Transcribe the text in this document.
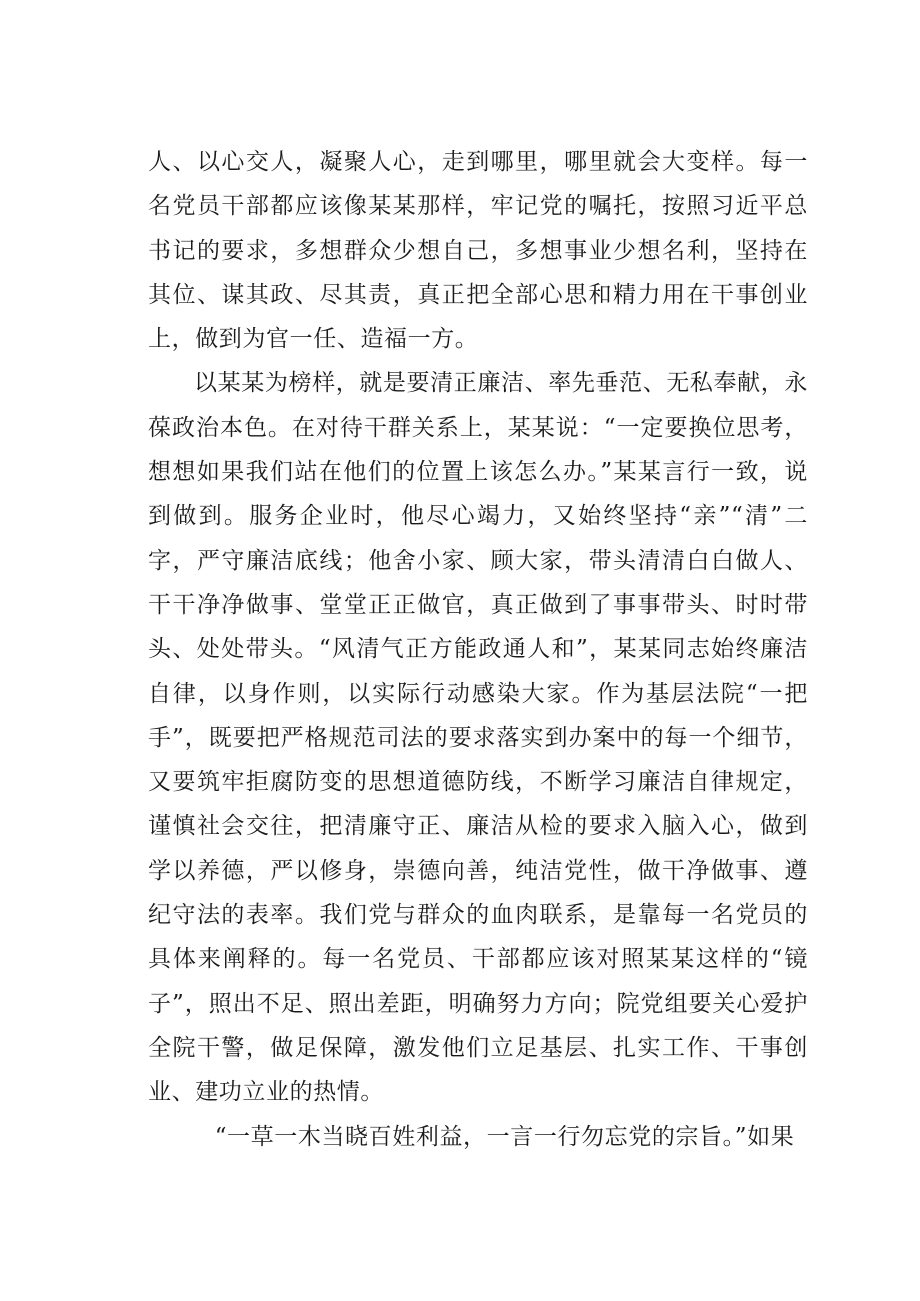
人、以心交人，凝聚人心，走到哪里，哪里就会大变样。每一名党员干部都应该像某某那样，牢记党的嘱托，按照习近平总书记的要求，多想群众少想自己，多想事业少想名利，坚持在其位、谋其政、尽其责，真正把全部心思和精力用在干事创业上，做到为官一任、造福一方。

以某某为榜样，就是要清正廉洁、率先垂范、无私奉献，永葆政治本色。在对待干群关系上，某某说：“一定要换位思考，想想如果我们站在他们的位置上该怎么办。”某某言行一致，说到做到。服务企业时，他尽心竭力，又始终坚持“亲”“清”二字，严守廉洁底线；他舍小家、顾大家，带头清清白白做人、干干净净做事、堂堂正正做官，真正做到了事事带头、时时带头、处处带头。“风清气正方能政通人和”，某某同志始终廉洁自律，以身作则，以实际行动感染大家。作为基层法院“一把手”，既要把严格规范司法的要求落实到办案中的每一个细节，又要筑牢拒腐防变的思想道德防线，不断学习廉洁自律规定，谨慎社会交往，把清廉守正、廉洁从检的要求入脑入心，做到学以养德，严以修身，崇德向善，纯洁党性，做干净做事、遵纪守法的表率。我们党与群众的血肉联系，是靠每一名党员的具体来阐释的。每一名党员、干部都应该对照某某这样的“镜子”，照出不足、照出差距，明确努力方向；院党组要关心爱护全院干警，做足保障，激发他们立足基层、扎实工作、干事创业、建功立业的热情。

“一草一木当晓百姓利益，一言一行勿忘党的宗旨。”如果
